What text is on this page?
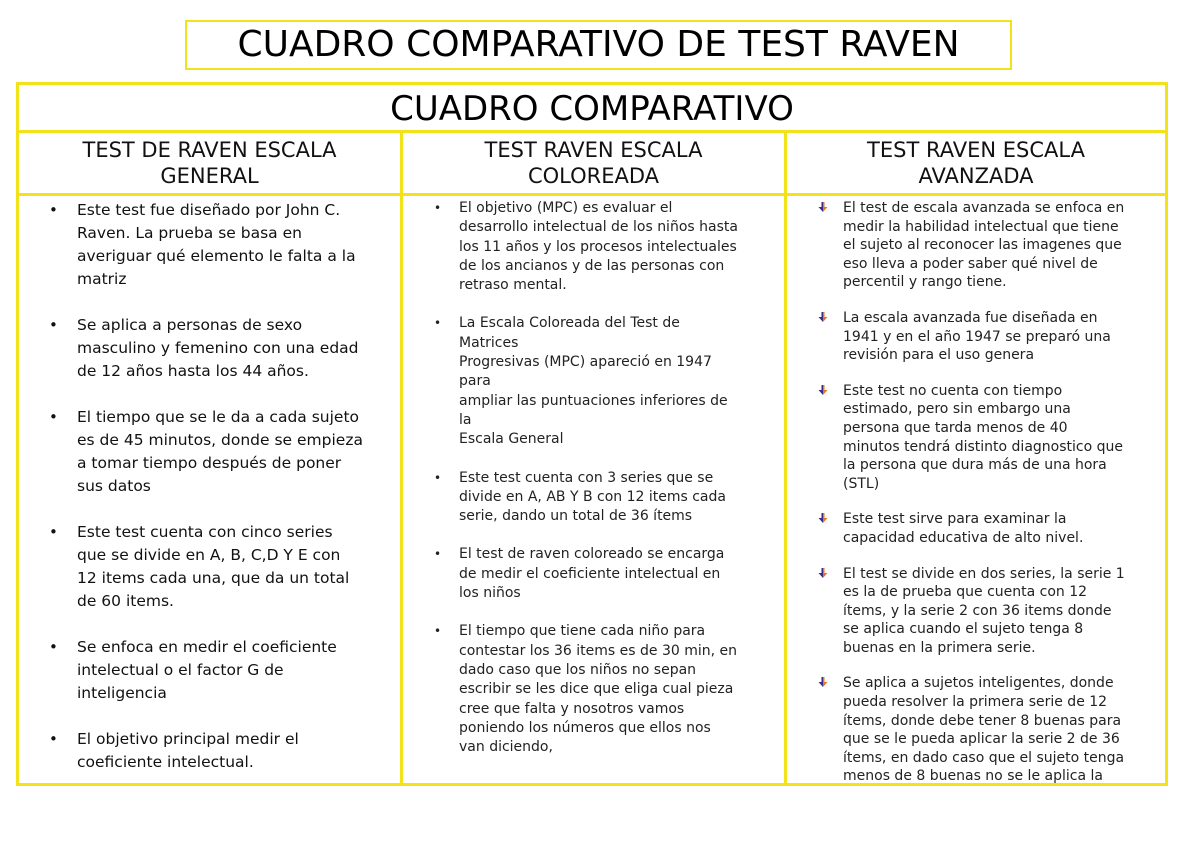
CUADRO COMPARATIVO DE TEST RAVEN
CUADRO COMPARATIVO
TEST DE RAVEN ESCALA
GENERAL
TEST RAVEN ESCALA
COLOREADA
TEST RAVEN ESCALA
AVANZADA
• Este test fue diseñado por John C.
Raven. La prueba se basa en
averiguar qué elemento le falta a la
matriz
• Se aplica a personas de sexo
masculino y femenino con una edad
de 12 años hasta los 44 años.
• El tiempo que se le da a cada sujeto
es de 45 minutos, donde se empieza
a tomar tiempo después de poner
sus datos
• Este test cuenta con cinco series
que se divide en A, B, C,D Y E con
12 items cada una, que da un total
de 60 items.
• Se enfoca en medir el coeficiente
intelectual o el factor G de
inteligencia
• El objetivo principal medir el
coeficiente intelectual.
• El objetivo (MPC) es evaluar el
desarrollo intelectual de los niños hasta
los 11 años y los procesos intelectuales
de los ancianos y de las personas con
retraso mental.
• La Escala Coloreada del Test de
Matrices
Progresivas (MPC) apareció en 1947
para
ampliar las puntuaciones inferiores de
la
Escala General
• Este test cuenta con 3 series que se
divide en A, AB Y B con 12 items cada
serie, dando un total de 36 ítems
• El test de raven coloreado se encarga
de medir el coeficiente intelectual en
los niños
• El tiempo que tiene cada niño para
contestar los 36 items es de 30 min, en
dado caso que los niños no sepan
escribir se les dice que eliga cual pieza
cree que falta y nosotros vamos
poniendo los números que ellos nos
van diciendo,
El test de escala avanzada se enfoca en
medir la habilidad intelectual que tiene
el sujeto al reconocer las imagenes que
eso lleva a poder saber qué nivel de
percentil y rango tiene.
La escala avanzada fue diseñada en
1941 y en el año 1947 se preparó una
revisión para el uso genera
Este test no cuenta con tiempo
estimado, pero sin embargo una
persona que tarda menos de 40
minutos tendrá distinto diagnostico que
la persona que dura más de una hora
(STL)
Este test sirve para examinar la
capacidad educativa de alto nivel.
El test se divide en dos series, la serie 1
es la de prueba que cuenta con 12
ítems, y la serie 2 con 36 items donde
se aplica cuando el sujeto tenga 8
buenas en la primera serie.
Se aplica a sujetos inteligentes, donde
pueda resolver la primera serie de 12
ítems, donde debe tener 8 buenas para
que se le pueda aplicar la serie 2 de 36
ítems, en dado caso que el sujeto tenga
menos de 8 buenas no se le aplica la
